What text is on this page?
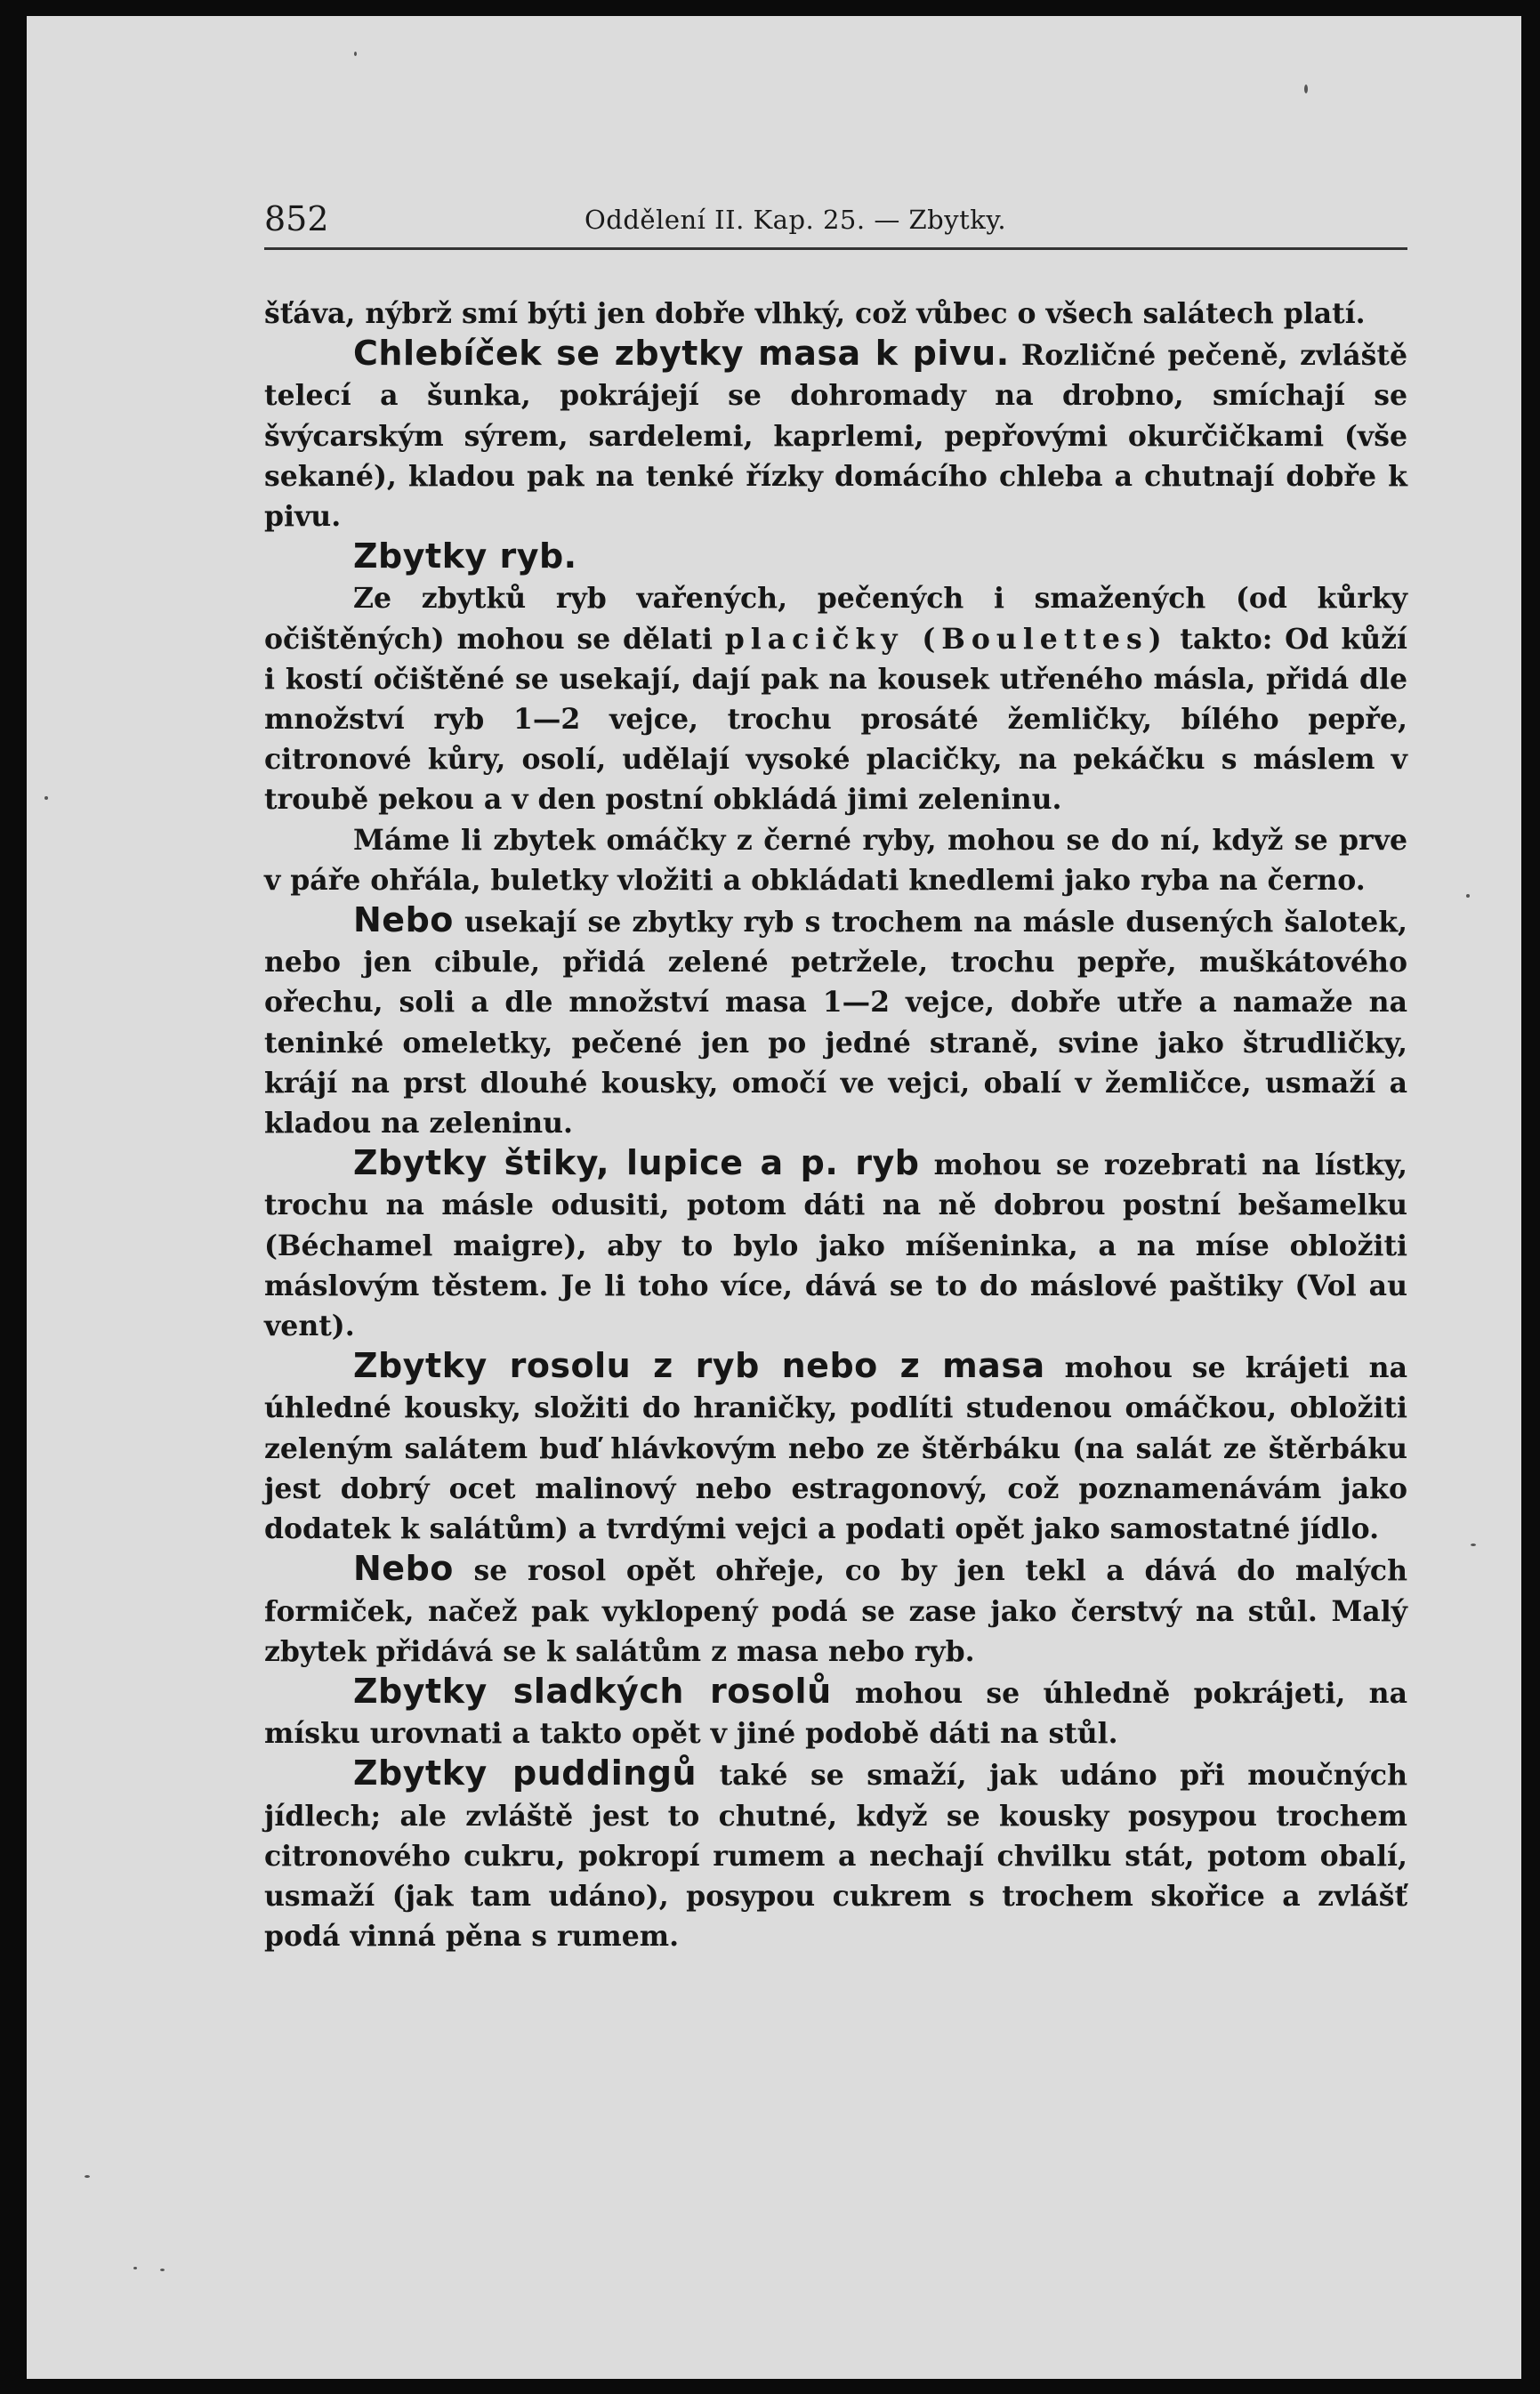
852	Oddělení II. Kap. 25. — Zbytky.

šťáva, nýbrž smí býti jen dobře vlhký, což vůbec o všech salátech platí.

Chlebíček se zbytky masa k pivu. Rozličné pečeně, zvláště telecí a šunka, pokrájejí se dohromady na drobno, smíchají se švýcarským sýrem, sardelemi, kaprlemi, pepřovými okurčičkami (vše sekané), kladou pak na tenké řízky domácího chleba a chutnají dobře k pivu.

Zbytky ryb.

Ze zbytků ryb vařených, pečených i smažených (od kůrky očištěných) mohou se dělati placičky (Boulettes) takto: Od kůží i kostí očištěné se usekají, dají pak na kousek utřeného másla, přidá dle množství ryb 1—2 vejce, trochu prosáté žemličky, bílého pepře, citronové kůry, osolí, udělají vysoké placičky, na pekáčku s máslem v troubě pekou a v den postní obkládá jimi zeleninu.

Máme li zbytek omáčky z černé ryby, mohou se do ní, když se prve v páře ohřála, buletky vložiti a obkládati knedlemi jako ryba na černo.

Nebo usekají se zbytky ryb s trochem na másle dusených šalotek, nebo jen cibule, přidá zelené petržele, trochu pepře, muškátového ořechu, soli a dle množství masa 1—2 vejce, dobře utře a namaže na teninké omeletky, pečené jen po jedné straně, svine jako štrudličky, krájí na prst dlouhé kousky, omočí ve vejci, obalí v žemličce, usmaží a kladou na zeleninu.

Zbytky štiky, lupice a p. ryb mohou se rozebrati na lístky, trochu na másle odusiti, potom dáti na ně dobrou postní bešamelku (Béchamel maigre), aby to bylo jako míšeninka, a na míse obložiti máslovým těstem. Je li toho více, dává se to do máslové paštiky (Vol au vent).

Zbytky rosolu z ryb nebo z masa mohou se krájeti na úhledné kousky, složiti do hraničky, podlíti studenou omáčkou, obložiti zeleným salátem buď hlávkovým nebo ze štěrbáku (na salát ze štěrbáku jest dobrý ocet malinový nebo estragonový, což poznamenávám jako dodatek k salátům) a tvrdými vejci a podati opět jako samostatné jídlo.

Nebo se rosol opět ohřeje, co by jen tekl a dává do malých formiček, načež pak vyklopený podá se zase jako čerstvý na stůl. Malý zbytek přidává se k salátům z masa nebo ryb.

Zbytky sladkých rosolů mohou se úhledně pokrájeti, na mísku urovnati a takto opět v jiné podobě dáti na stůl.

Zbytky puddingů také se smaží, jak udáno při moučných jídlech; ale zvláště jest to chutné, když se kousky posypou trochem citronového cukru, pokropí rumem a nechají chvilku stát, potom obalí, usmaží (jak tam udáno), posypou cukrem s trochem skořice a zvlášť podá vinná pěna s rumem.
